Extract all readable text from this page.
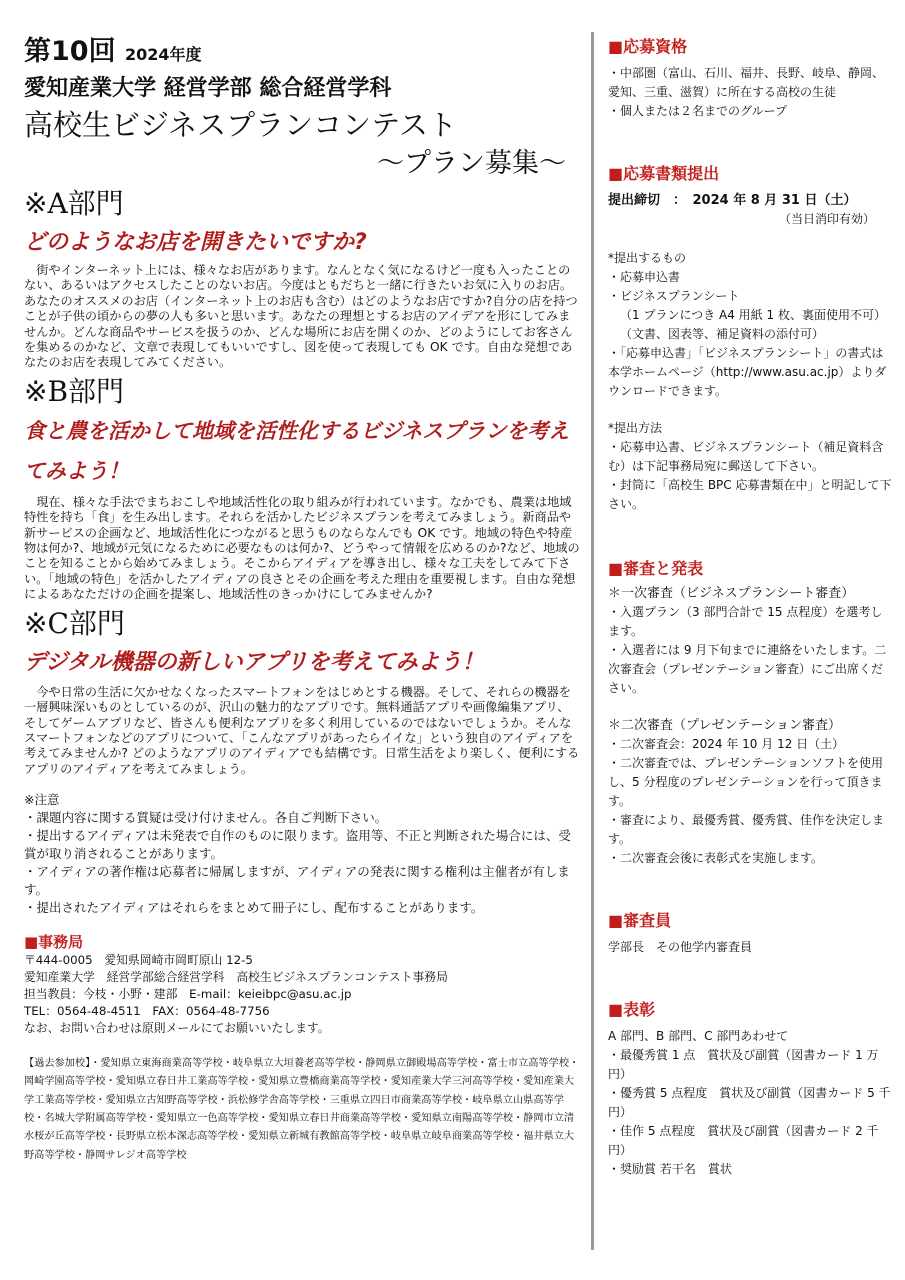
第10回 2024年度
愛知産業大学 経営学部 総合経営学科
高校生ビジネスプランコンテスト
～プラン募集～
※A部門
どのようなお店を開きたいですか?

街やインターネット上には、様々なお店があります。なんとなく気になるけど一度も入ったことのない、あるいはアクセスしたことのないお店。今度はともだちと一緒に行きたいお気に入りのお店。あなたのオススメのお店（インターネット上のお店も含む）はどのようなお店ですか?自分の店を持つことが子供の頃からの夢の人も多いと思います。あなたの理想とするお店のアイデアを形にしてみませんか。どんな商品やサービスを扱うのか、どんな場所にお店を開くのか、どのようにしてお客さんを集めるのかなど、文章で表現してもいいですし、図を使って表現しても OK です。自由な発想であなたのお店を表現してみてください。

※B部門
食と農を活かして地域を活性化するビジネスプランを考えてみよう！

現在、様々な手法でまちおこしや地域活性化の取り組みが行われています。なかでも、農業は地域特性を持ち「食」を生み出します。それらを活かしたビジネスプランを考えてみましょう。新商品や新サービスの企画など、地域活性化につながると思うものならなんでも OK です。地域の特色や特産物は何か?、地域が元気になるために必要なものは何か?、どうやって情報を広めるのか?など、地域のことを知ることから始めてみましょう。そこからアイディアを導き出し、様々な工夫をしてみて下さい。「地域の特色」を活かしたアイディアの良さとその企画を考えた理由を重要視します。自由な発想によるあなただけの企画を提案し、地域活性のきっかけにしてみませんか?

※C部門
デジタル機器の新しいアプリを考えてみよう！

今や日常の生活に欠かせなくなったスマートフォンをはじめとする機器。そして、それらの機器を一層興味深いものとしているのが、沢山の魅力的なアプリです。無料通話アプリや画像編集アプリ、そしてゲームアプリなど、皆さんも便利なアプリを多く利用しているのではないでしょうか。そんなスマートフォンなどのアプリについて、「こんなアプリがあったらイイな」という独自のアイディアを考えてみませんか? どのようなアプリのアイディアでも結構です。日常生活をより楽しく、便利にするアプリのアイディアを考えてみましょう。

※注意
・課題内容に関する質疑は受け付けません。各自ご判断下さい。
・提出するアイディアは未発表で自作のものに限ります。盗用等、不正と判断された場合には、受賞が取り消されることがあります。
・アイディアの著作権は応募者に帰属しますが、アイディアの発表に関する権利は主催者が有します。
・提出されたアイディアはそれらをまとめて冊子にし、配布することがあります。
■事務局
〒444-0005　愛知県岡崎市岡町原山 12-5
愛知産業大学　経営学部総合経営学科　高校生ビジネスプランコンテスト事務局
担当教員：今枝・小野・建部　E-mail：keieibpc@asu.ac.jp
TEL：0564-48-4511　FAX：0564-48-7756
なお、お問い合わせは原則メールにてお願いいたします。
【過去参加校】・愛知県立東海商業高等学校・岐阜県立大垣養老高等学校・静岡県立御殿場高等学校・富士市立高等学校・岡崎学園高等学校・愛知県立春日井工業高等学校・愛知県立豊橋商業高等学校・愛知産業大学三河高等学校・愛知産業大学工業高等学校・愛知県立古知野高等学校・浜松修学舎高等学校・三重県立四日市商業高等学校・岐阜県立山県高等学校・名城大学附属高等学校・愛知県立一色高等学校・愛知県立春日井商業高等学校・愛知県立南陽高等学校・静岡市立清水桜が丘高等学校・長野県立松本深志高等学校・愛知県立新城有教館高等学校・岐阜県立岐阜商業高等学校・福井県立大野高等学校・静岡サレジオ高等学校
■応募資格
・中部圏（富山、石川、福井、長野、岐阜、静岡、愛知、三重、滋賀）に所在する高校の生徒
・個人または２名までのグループ
■応募書類提出
提出締切　：　2024 年 8 月 31 日（土）
（当日消印有効）
*提出するもの
・応募申込書
・ビジネスプランシート
（1 プランにつき A4 用紙 1 枚、裏面使用不可）
（文書、図表等、補足資料の添付可）
・「応募申込書」「ビジネスプランシート」の書式は本学ホームページ（http://www.asu.ac.jp）よりダウンロードできます。
*提出方法
・応募申込書、ビジネスプランシート（補足資料含む）は下記事務局宛に郵送して下さい。
・封筒に「高校生 BPC 応募書類在中」と明記して下さい。
■審査と発表
＊一次審査（ビジネスプランシート審査）
・入選プラン（3 部門合計で 15 点程度）を選考します。
・入選者には 9 月下旬までに連絡をいたします。二次審査会（プレゼンテーション審査）にご出席ください。
＊二次審査（プレゼンテーション審査）
・二次審査会：2024 年 10 月 12 日（土）
・二次審査では、プレゼンテーションソフトを使用し、5 分程度のプレゼンテーションを行って頂きます。
・審査により、最優秀賞、優秀賞、佳作を決定します。
・二次審査会後に表彰式を実施します。
■審査員
学部長　その他学内審査員
■表彰
A 部門、B 部門、C 部門あわせて
・最優秀賞 1 点　賞状及び副賞（図書カード 1 万円）
・優秀賞 5 点程度　賞状及び副賞（図書カード 5 千円）
・佳作 5 点程度　賞状及び副賞（図書カード 2 千円）
・奨励賞 若干名　賞状
